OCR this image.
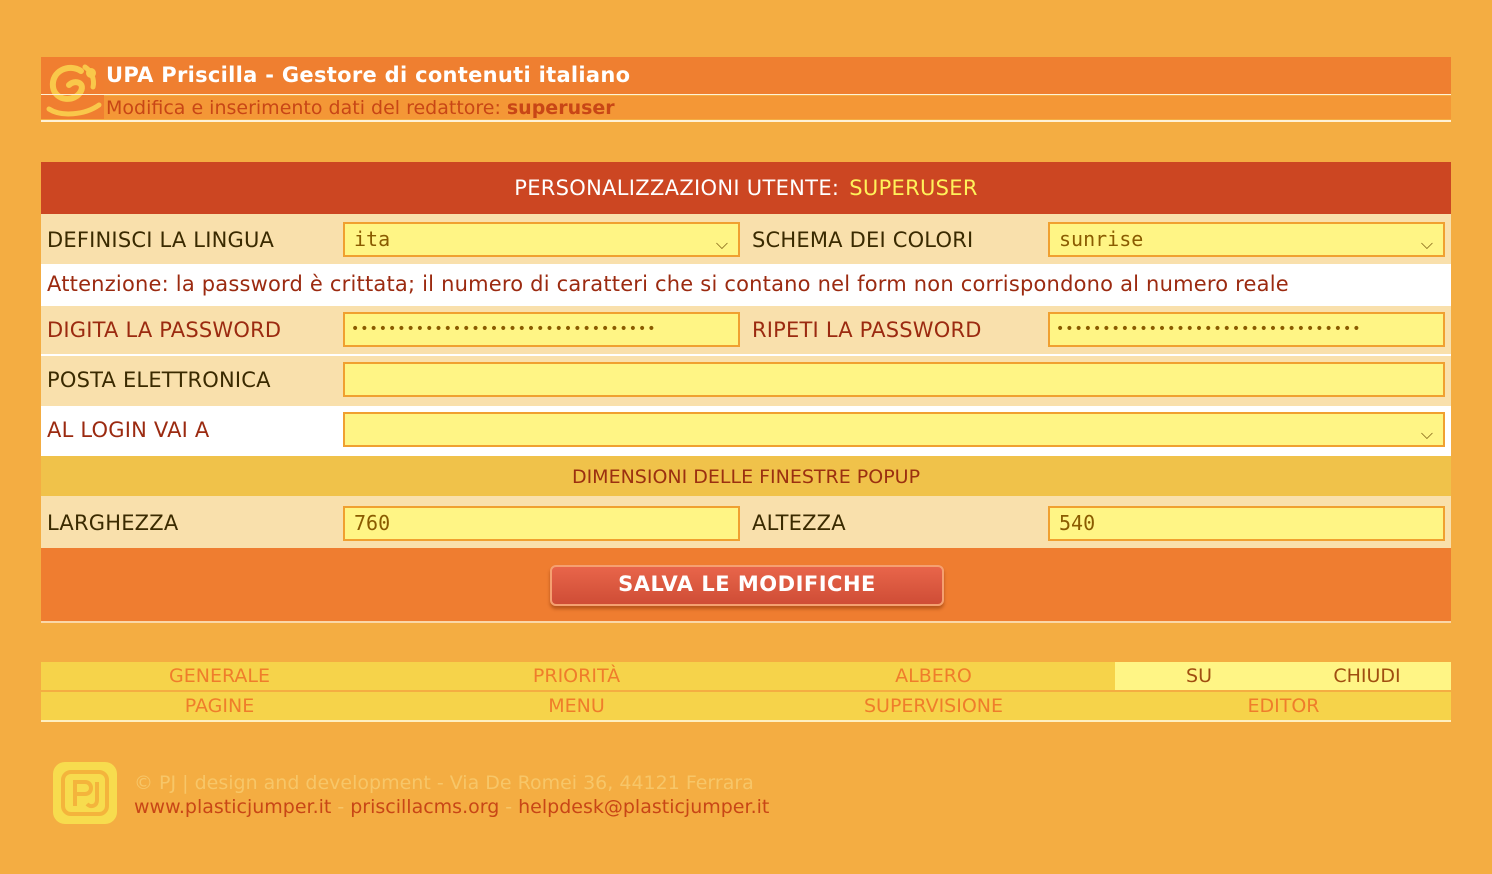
UPA Priscilla - Gestore di contenuti italiano
Modifica e inserimento dati del redattore: superuser
PERSONALIZZAZIONI UTENTE: SUPERUSER
DEFINISCI LA LINGUA	ita	⌵ SCHEMA DEI COLORI	sunrise	⌵
Attenzione: la password è crittata; il numero di caratteri che si contano nel form non corrispondono al numero reale
DIGITA LA PASSWORD	•••••••••••••••••••••••••••••••••	RIPETI LA PASSWORD	•••••••••••••••••••••••••••••••••
POSTA ELETTRONICA
AL LOGIN VAI A	⌵
DIMENSIONI DELLE FINESTRE POPUP
LARGHEZZA	760	ALTEZZA	540
SALVA LE MODIFICHE
GENERALE	PRIORITÀ	ALBERO	SU	CHIUDI
PAGINE	MENU	SUPERVISIONE	EDITOR
© PJ | design and development - Via De Romei 36, 44121 Ferrara
www.plasticjumper.it - priscillacms.org - helpdesk@plasticjumper.it
